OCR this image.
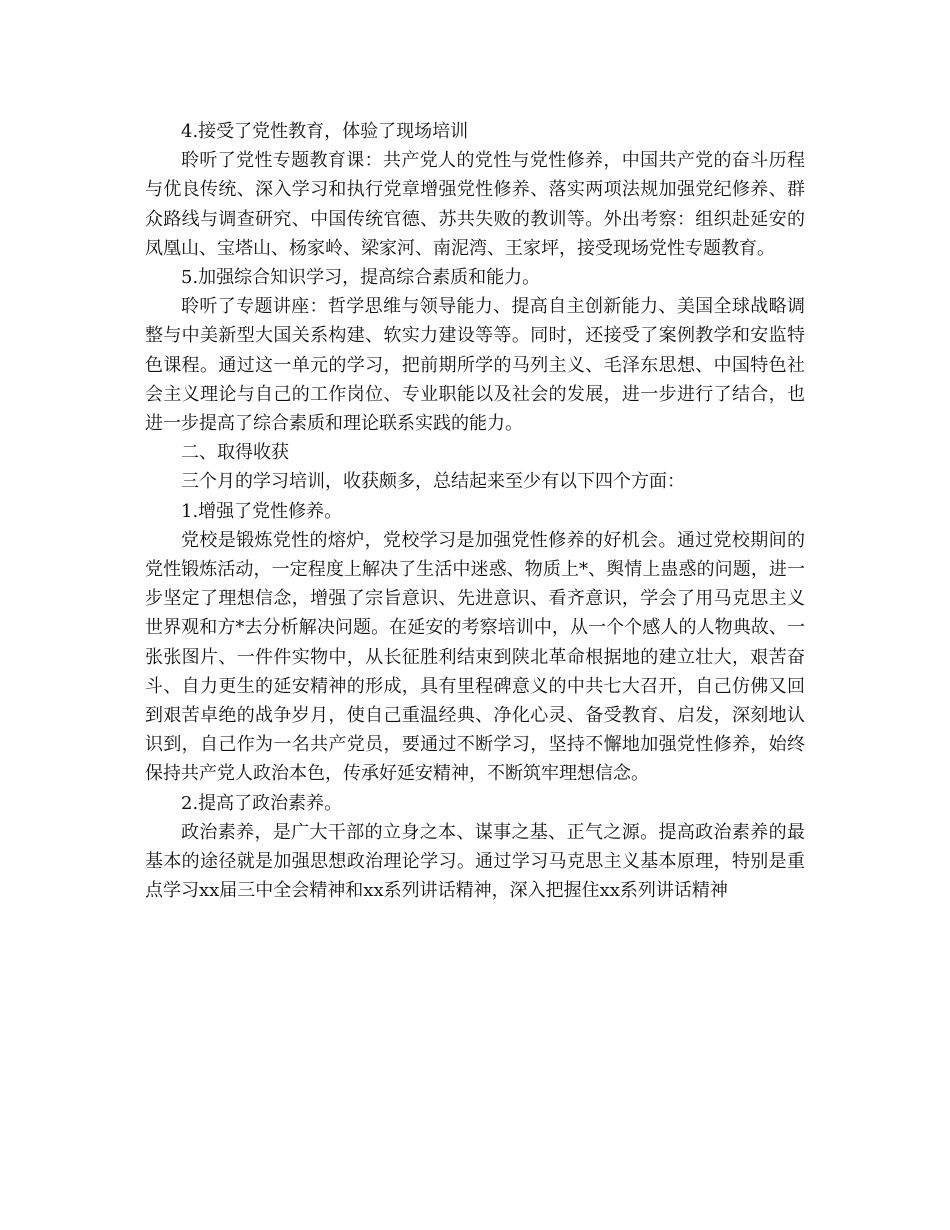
4.接受了党性教育，体验了现场培训

聆听了党性专题教育课：共产党人的党性与党性修养，中国共产党的奋斗历程与优良传统、深入学习和执行党章增强党性修养、落实两项法规加强党纪修养、群众路线与调查研究、中国传统官德、苏共失败的教训等。外出考察：组织赴延安的凤凰山、宝塔山、杨家岭、梁家河、南泥湾、王家坪，接受现场党性专题教育。

5.加强综合知识学习，提高综合素质和能力。

聆听了专题讲座：哲学思维与领导能力、提高自主创新能力、美国全球战略调整与中美新型大国关系构建、软实力建设等等。同时，还接受了案例教学和安监特色课程。通过这一单元的学习，把前期所学的马列主义、毛泽东思想、中国特色社会主义理论与自己的工作岗位、专业职能以及社会的发展，进一步进行了结合，也进一步提高了综合素质和理论联系实践的能力。

二、取得收获

三个月的学习培训，收获颇多，总结起来至少有以下四个方面：

1.增强了党性修养。

党校是锻炼党性的熔炉，党校学习是加强党性修养的好机会。通过党校期间的党性锻炼活动，一定程度上解决了生活中迷惑、物质上*、舆情上蛊惑的问题，进一步坚定了理想信念，增强了宗旨意识、先进意识、看齐意识，学会了用马克思主义世界观和方*去分析解决问题。在延安的考察培训中，从一个个感人的人物典故、一张张图片、一件件实物中，从长征胜利结束到陕北革命根据地的建立壮大，艰苦奋斗、自力更生的延安精神的形成，具有里程碑意义的中共七大召开，自己仿佛又回到艰苦卓绝的战争岁月，使自己重温经典、净化心灵、备受教育、启发，深刻地认识到，自己作为一名共产党员，要通过不断学习，坚持不懈地加强党性修养，始终保持共产党人政治本色，传承好延安精神，不断筑牢理想信念。

2.提高了政治素养。

政治素养，是广大干部的立身之本、谋事之基、正气之源。提高政治素养的最基本的途径就是加强思想政治理论学习。通过学习马克思主义基本原理，特别是重点学习xx届三中全会精神和xx系列讲话精神，深入把握住xx系列讲话精神
